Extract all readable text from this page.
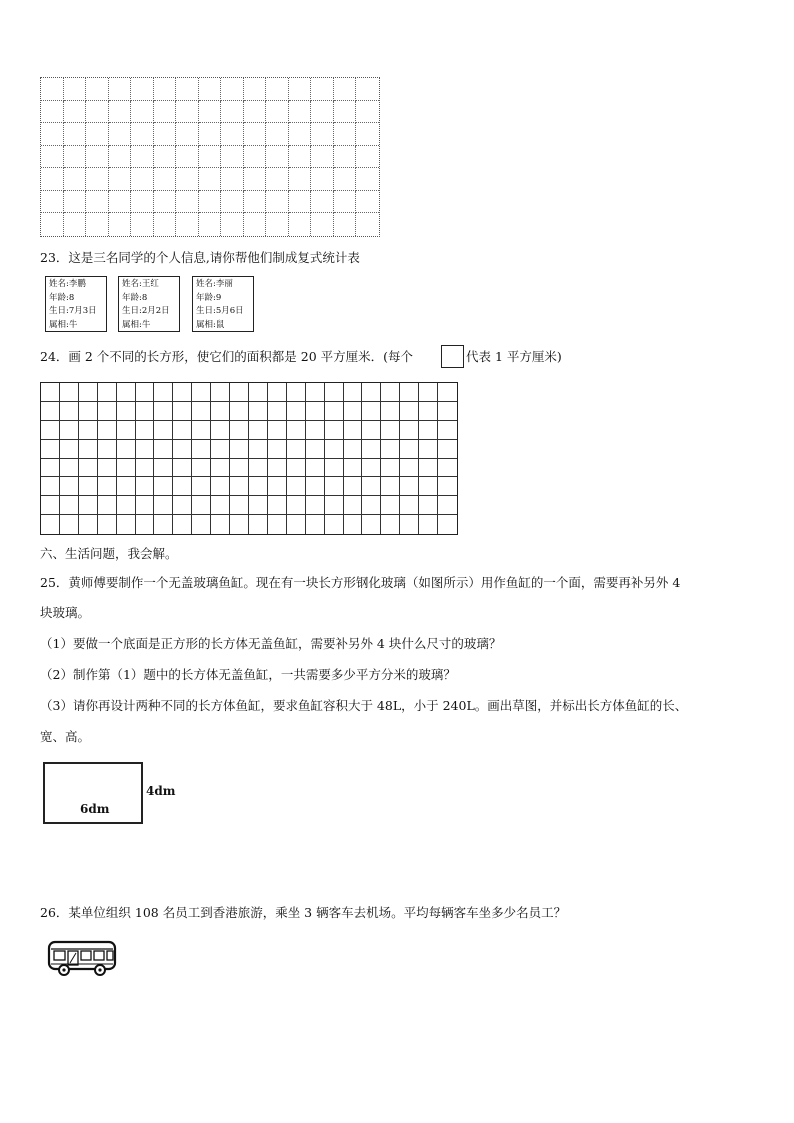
23．这是三名同学的个人信息,请你帮他们制成复式统计表
姓名:李鹏
年龄:8
生日:7月3日
属相:牛
姓名:王红
年龄:8
生日:2月2日
属相:牛
姓名:李丽
年龄:9
生日:5月6日
属相:鼠
24．画 2 个不同的长方形，使它们的面积都是 20 平方厘米．(每个	代表 1 平方厘米)
六、生活问题，我会解。
25．黄师傅要制作一个无盖玻璃鱼缸。现在有一块长方形钢化玻璃（如图所示）用作鱼缸的一个面，需要再补另外 4
块玻璃。
（1）要做一个底面是正方形的长方体无盖鱼缸，需要补另外 4 块什么尺寸的玻璃？
（2）制作第（1）题中的长方体无盖鱼缸，一共需要多少平方分米的玻璃？
（3）请你再设计两种不同的长方体鱼缸，要求鱼缸容积大于 48L，小于 240L。画出草图，并标出长方体鱼缸的长、
宽、高。
6dm
4dm
26．某单位组织 108 名员工到香港旅游，乘坐 3 辆客车去机场。平均每辆客车坐多少名员工？
